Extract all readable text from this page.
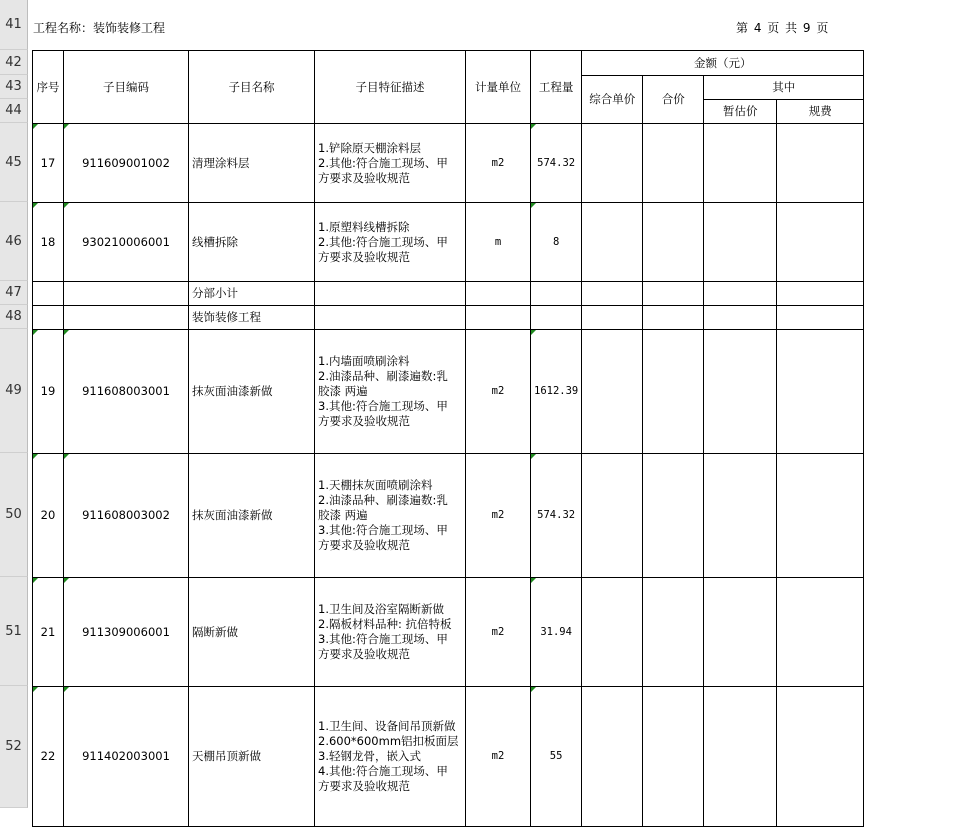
41
42
43
44
45
46
47
48
49
50
51
52
工程名称：装饰装修工程	第 4 页 共 9 页
序号	子目编码	子目名称	子目特征描述	计量单位	工程量	金额（元）			
						综合单价	合价	其中	
								暂估价	规费
17	911609001002	清理涂料层	1.铲除原天棚涂料层
2.其他:符合施工现场、甲
方要求及验收规范	m2	574.32				
18	930210006001	线槽拆除	1.原塑料线槽拆除
2.其他:符合施工现场、甲
方要求及验收规范	m	8				
		分部小计							
		装饰装修工程							
19	911608003001	抹灰面油漆新做	1.内墙面喷刷涂料
2.油漆品种、刷漆遍数:乳
胶漆 两遍
3.其他:符合施工现场、甲
方要求及验收规范	m2	1612.39				
20	911608003002	抹灰面油漆新做	1.天棚抹灰面喷刷涂料
2.油漆品种、刷漆遍数:乳
胶漆 两遍
3.其他:符合施工现场、甲
方要求及验收规范	m2	574.32				
21	911309006001	隔断新做	1.卫生间及浴室隔断新做
2.隔板材料品种: 抗倍特板
3.其他:符合施工现场、甲
方要求及验收规范	m2	31.94				
22	911402003001	天棚吊顶新做	1.卫生间、设备间吊顶新做
2.600*600mm铝扣板面层
3.轻钢龙骨，嵌入式
4.其他:符合施工现场、甲
方要求及验收规范	m2	55				
